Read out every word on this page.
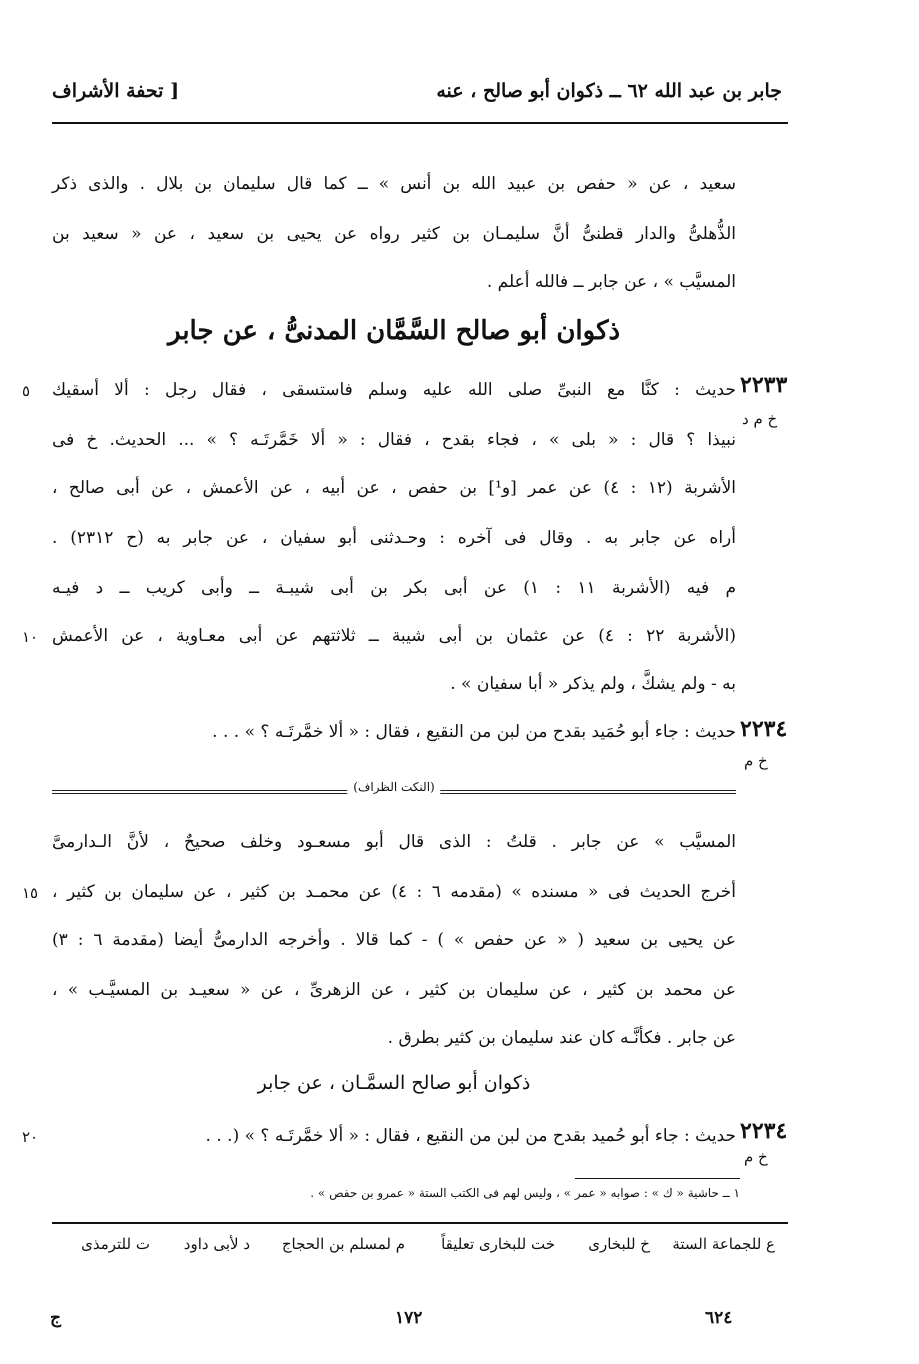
جابر بن عبد الله ٦٢ ــ ذكوان أبو صالح ، عنه
[ تحفة الأشراف
سعيد ، عن « حفص بن عبيد الله بن أنس » ــ كما قال سليمان بن بلال . والذى ذكر
الذُّهلىُّ والدار قطنىُّ أنَّ سليمـان بن كثير رواه عن يحيى بن سعيد ، عن « سعيد بن
المسيَّب » ، عن جابر ــ فالله أعلم .
ذكوان أبو صالح السَّمَّان المدنىُّ ، عن جابر
٢٢٣٣
خ م د
حديث : كنَّا مع النبىِّ صلى الله عليه وسلم فاستسقى ، فقال رجل : ألا أسقيك
نبيذا ؟ قال : « بلى » ، فجاء بقدح ، فقال : « ألا خَمَّرتَـه ؟ » ... الحديث. خ فى
الأشربة (١٢ : ٤) عن عمر [و¹] بن حفص ، عن أبيه ، عن الأعمش ، عن أبى صالح ،
أراه عن جابر به . وقال فى آخره : وحـدثنى أبو سفيان ، عن جابر به (ح ٢٣١٢) .
م فيه (الأشربة ١١ : ١) عن أبى بكر بن أبى شيبـة ــ وأبى كريب ــ د فيـه
(الأشربة ٢٢ : ٤) عن عثمان بن أبى شيبة ــ ثلاثتهم عن أبى معـاوية ، عن الأعمش
به - ولم يشكَّ ، ولم يذكر « أبا سفيان » .
٥
١٠
٢٢٣٤
خ م
حديث : جاء أبو حُمَيد بقدح من لبن من النقيع ، فقال : « ألا خمَّرتَـه ؟ » . . .
(النكت الظراف)
المسيَّب » عن جابر . قلتُ : الذى قال أبو مسعـود وخلف صحيحٌ ، لأنَّ الـدارمىَّ
أخرج الحديث فى « مسنده » (مقدمه ٦ : ٤) عن محمـد بن كثير ، عن سليمان بن كثير ،
عن يحيى بن سعيد ( « عن حفص » ) - كما قالا . وأخرجه الدارمىُّ أيضا (مقدمة ٦ : ٣)
عن محمد بن كثير ، عن سليمان بن كثير ، عن الزهرىِّ ، عن « سعيـد بن المسيَّـب » ،
عن جابر . فكأنَّـه كان عند سليمان بن كثير بطرق .
١٥
ذكوان أبو صالح السمَّـان ، عن جابر
٢٢٣٤
خ م
حديث : جاء أبو حُميد بقدح من لبن من النقيع ، فقال : « ألا خمَّرتَـه ؟ » (. . .
٢٠
١ ــ حاشية « ك » : صوابه « عمر » ، وليس لهم فى الكتب الستة « عمرو بن حفص » .
ع للجماعة الستة
خ للبخارى
خت للبخارى تعليقاً
م لمسلم بن الحجاج
د لأبى داود
ت للترمذى
٦٢٤
١٧٢
ج
